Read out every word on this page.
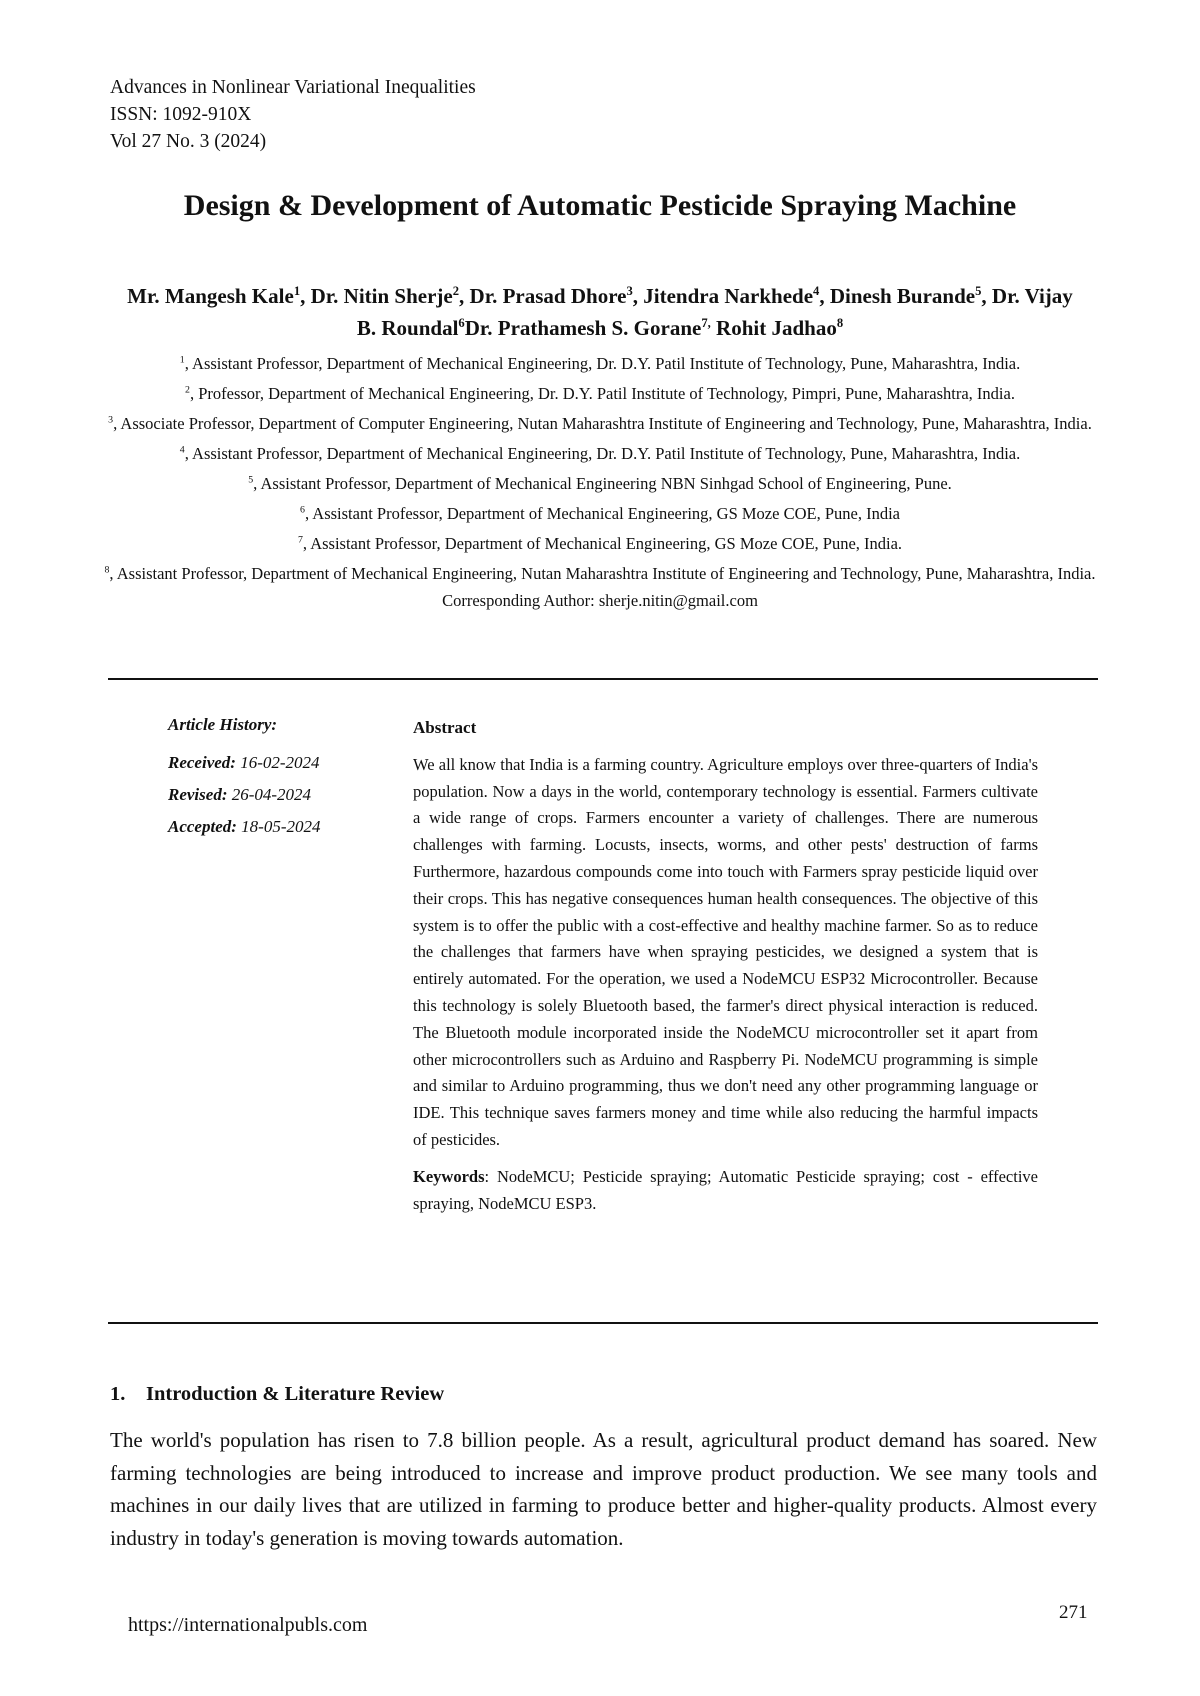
Advances in Nonlinear Variational Inequalities
ISSN: 1092-910X
Vol 27 No. 3 (2024)
Design & Development of Automatic Pesticide Spraying Machine
Mr. Mangesh Kale$^1$, Dr. Nitin Sherje$^2$, Dr. Prasad Dhore$^3$, Jitendra Narkhede$^4$, Dinesh Burande$^5$, Dr. Vijay B. Roundal$^6$Dr. Prathamesh S. Gorane$^{7,}$ Rohit Jadhao$^8$
$^1$, Assistant Professor, Department of Mechanical Engineering, Dr. D.Y. Patil Institute of Technology, Pune, Maharashtra, India.
$^2$, Professor, Department of Mechanical Engineering, Dr. D.Y. Patil Institute of Technology, Pimpri, Pune, Maharashtra, India.
$^3$, Associate Professor, Department of Computer Engineering, Nutan Maharashtra Institute of Engineering and Technology, Pune, Maharashtra, India.
$^4$, Assistant Professor, Department of Mechanical Engineering, Dr. D.Y. Patil Institute of Technology, Pune, Maharashtra, India.
$^5$, Assistant Professor, Department of Mechanical Engineering NBN Sinhgad School of Engineering, Pune.
$^6$, Assistant Professor, Department of Mechanical Engineering, GS Moze COE, Pune, India
$^7$, Assistant Professor, Department of Mechanical Engineering, GS Moze COE, Pune, India.
$^8$, Assistant Professor, Department of Mechanical Engineering, Nutan Maharashtra Institute of Engineering and Technology, Pune, Maharashtra, India. Corresponding Author: sherje.nitin@gmail.com
Article History:
Received: 16-02-2024
Revised: 26-04-2024
Accepted: 18-05-2024
Abstract
We all know that India is a farming country. Agriculture employs over three-quarters of India's population. Now a days in the world, contemporary technology is essential. Farmers cultivate a wide range of crops. Farmers encounter a variety of challenges. There are numerous challenges with farming. Locusts, insects, worms, and other pests' destruction of farms Furthermore, hazardous compounds come into touch with Farmers spray pesticide liquid over their crops. This has negative consequences human health consequences. The objective of this system is to offer the public with a cost-effective and healthy machine farmer. So as to reduce the challenges that farmers have when spraying pesticides, we designed a system that is entirely automated. For the operation, we used a NodeMCU ESP32 Microcontroller. Because this technology is solely Bluetooth based, the farmer's direct physical interaction is reduced. The Bluetooth module incorporated inside the NodeMCU microcontroller set it apart from other microcontrollers such as Arduino and Raspberry Pi. NodeMCU programming is simple and similar to Arduino programming, thus we don't need any other programming language or IDE. This technique saves farmers money and time while also reducing the harmful impacts of pesticides.
Keywords: NodeMCU; Pesticide spraying; Automatic Pesticide spraying; cost - effective spraying, NodeMCU ESP3.
1. Introduction & Literature Review
The world's population has risen to 7.8 billion people. As a result, agricultural product demand has soared. New farming technologies are being introduced to increase and improve product production. We see many tools and machines in our daily lives that are utilized in farming to produce better and higher-quality products. Almost every industry in today's generation is moving towards automation.
https://internationalpubls.com
271
